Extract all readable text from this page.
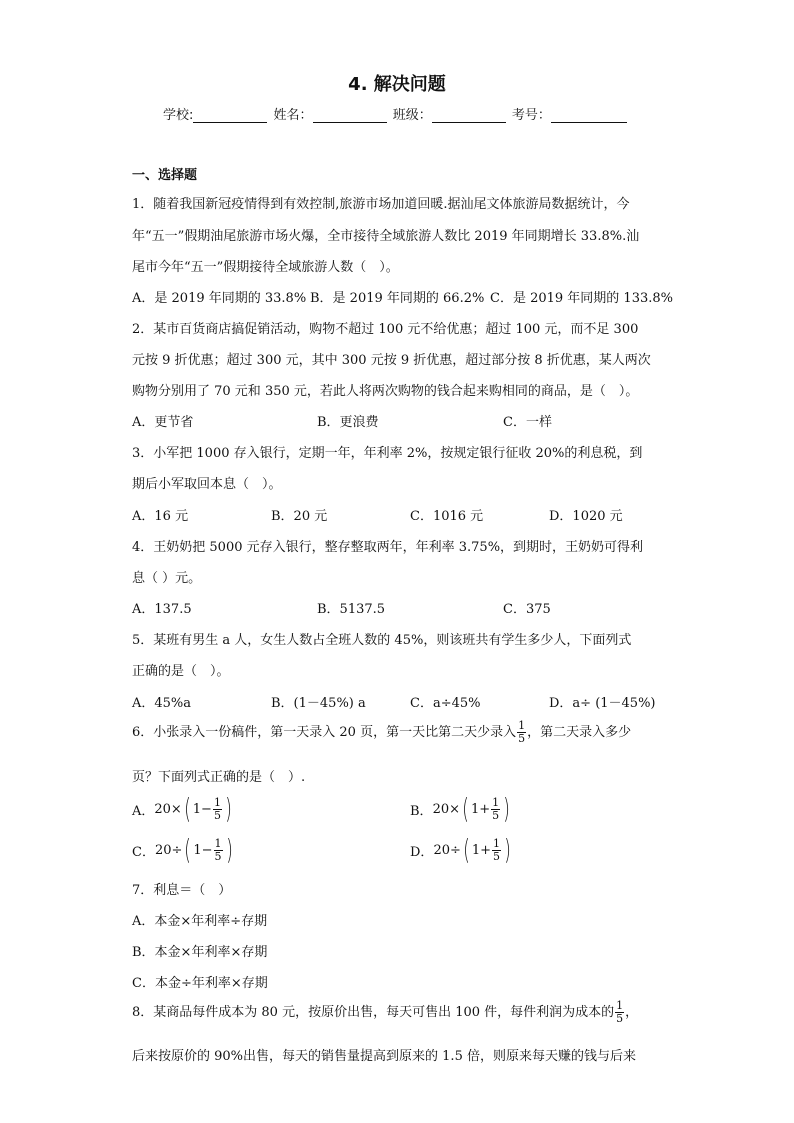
4. 解决问题
学校:	姓名：	班级：	考号：
一、选择题
1．随着我国新冠疫情得到有效控制,旅游市场加道回暖.据汕尾文体旅游局数据统计，今
年“五一”假期油尾旅游市场火爆，全市接待全域旅游人数比 2019 年同期增长 33.8%.汕
尾市今年“五一”假期接待全域旅游人数（　）。
A．是 2019 年同期的 33.8% B．是 2019 年同期的 66.2% C．是 2019 年同期的 133.8%
2．某市百货商店搞促销活动，购物不超过 100 元不给优惠；超过 100 元，而不足 300
元按 9 折优惠；超过 300 元，其中 300 元按 9 折优惠，超过部分按 8 折优惠，某人两次
购物分别用了 70 元和 350 元，若此人将两次购物的钱合起来购相同的商品，是（　）。
A．更节省	B．更浪费	C．一样
3．小军把 1000 存入银行，定期一年，年利率 2%，按规定银行征收 20%的利息税，到
期后小军取回本息（　）。
A．16 元	B．20 元	C．1016 元	D．1020 元
4．王奶奶把 5000 元存入银行，整存整取两年，年利率 3.75%，到期时，王奶奶可得利
息（ ）元。
A．137.5	B．5137.5	C．375
5．某班有男生 a 人，女生人数占全班人数的 45%，则该班共有学生多少人，下面列式
正确的是（　）。
A．45%a	B．(1－45%) a	C．a÷45%	D．a÷ (1－45%)
6．小张录入一份稿件，第一天录入 20 页，第一天比第二天少录入 $\frac{1}{5}$ ，第二天录入多少
页？下面列式正确的是（　）.
A．20×( $1- \frac{1}{5}$ )	B．20×( $1+ \frac{1}{5}$ )
C．20÷( $1- \frac{1}{5}$ )	D．20÷( $1+ \frac{1}{5}$ )
7．利息＝（　）
A．本金×年利率÷存期
B．本金×年利率×存期
C．本金÷年利率×存期
8．某商品每件成本为 80 元，按原价出售，每天可售出 100 件，每件利润为成本的 $\frac{1}{5}$ ，
后来按原价的 90%出售，每天的销售量提高到原来的 1.5 倍，则原来每天赚的钱与后来
